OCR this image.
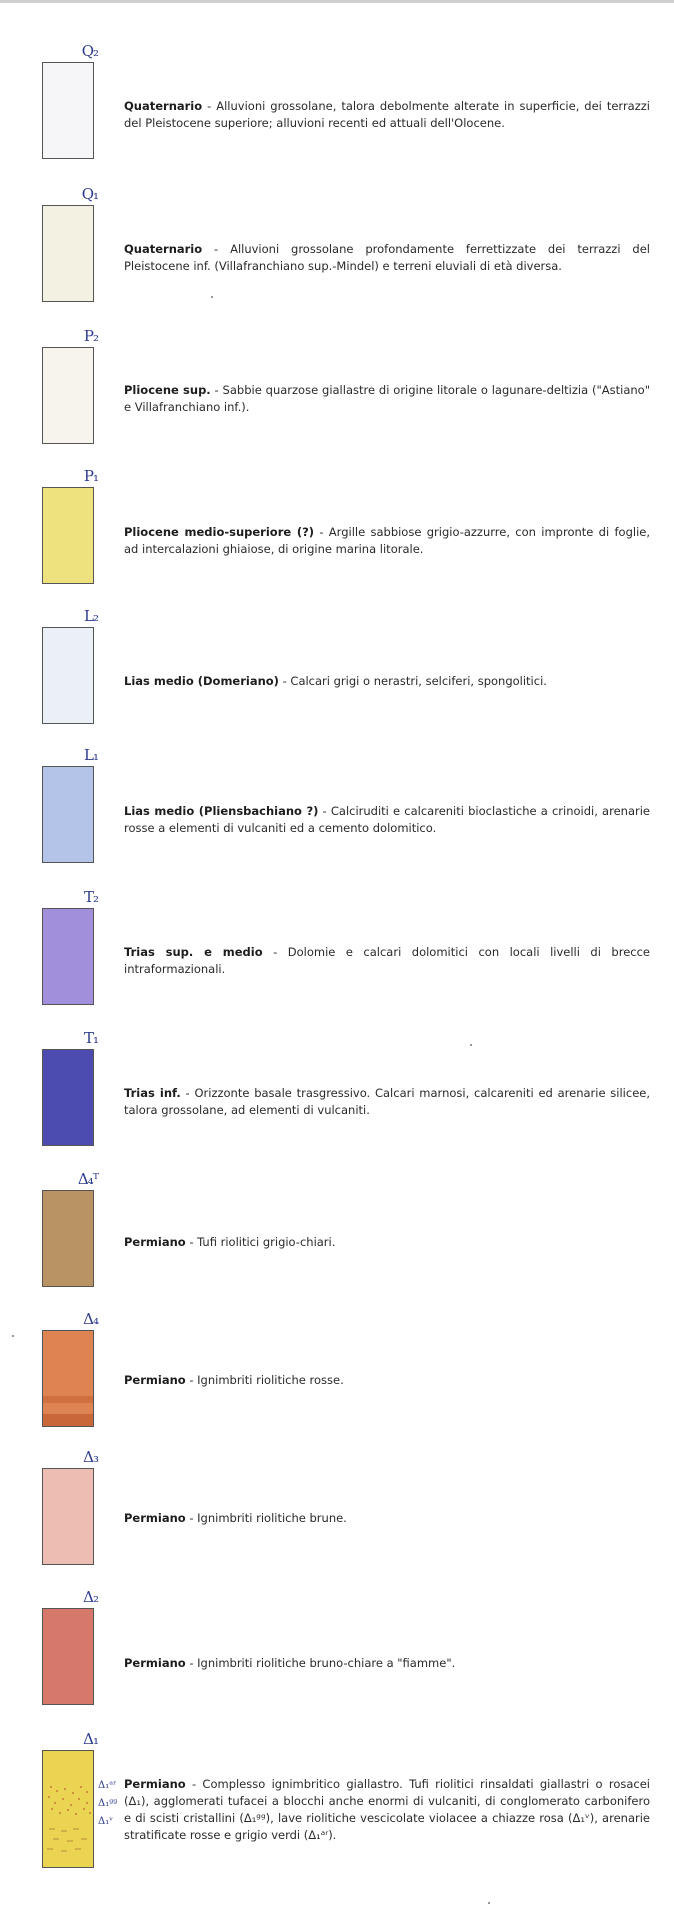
Q₂
Quaternario - Alluvioni grossolane, talora debolmente alterate in superficie, dei terrazzi del Pleistocene superiore; alluvioni recenti ed attuali dell'Olocene.
Q₁
Quaternario - Alluvioni grossolane profondamente ferrettizzate dei terrazzi del Pleistocene inf. (Villafranchiano sup.-Mindel) e terreni eluviali di età diversa.
P₂
Pliocene sup. - Sabbie quarzose giallastre di origine litorale o lagunare-deltizia ("Astiano" e Villafranchiano inf.).
P₁
Pliocene medio-superiore (?) - Argille sabbiose grigio-azzurre, con impronte di foglie, ad intercalazioni ghiaiose, di origine marina litorale.
L₂
Lias medio (Domeriano) - Calcari grigi o nerastri, selciferi, spongolitici.
L₁
Lias medio (Pliensbachiano ?) - Calciruditi e calcareniti bioclastiche a crinoidi, arenarie rosse a elementi di vulcaniti ed a cemento dolomitico.
T₂
Trias sup. e medio - Dolomie e calcari dolomitici con locali livelli di brecce intraformazionali.
T₁
Trias inf. - Orizzonte basale trasgressivo. Calcari marnosi, calcareniti ed arenarie silicee, talora grossolane, ad elementi di vulcaniti.
Δ₄ᵀ
Permiano - Tufi riolitici grigio-chiari.
Δ₄
Permiano - Ignimbriti riolitiche rosse.
Δ₃
Permiano - Ignimbriti riolitiche brune.
Δ₂
Permiano - Ignimbriti riolitiche bruno-chiare a "fiamme".
Δ₁
Δ₁ᵃʳ
Δ₁ᵍᵍ
Δ₁ᵛ
Permiano - Complesso ignimbritico giallastro. Tufi riolitici rinsaldati giallastri o rosacei (Δ₁), agglomerati tufacei a blocchi anche enormi di vulcaniti, di conglomerato carbonifero e di scisti cristallini (Δ₁ᵍᵍ), lave riolitiche vescicolate violacee a chiazze rosa (Δ₁ᵛ), arenarie stratificate rosse e grigio verdi (Δ₁ᵃʳ).
